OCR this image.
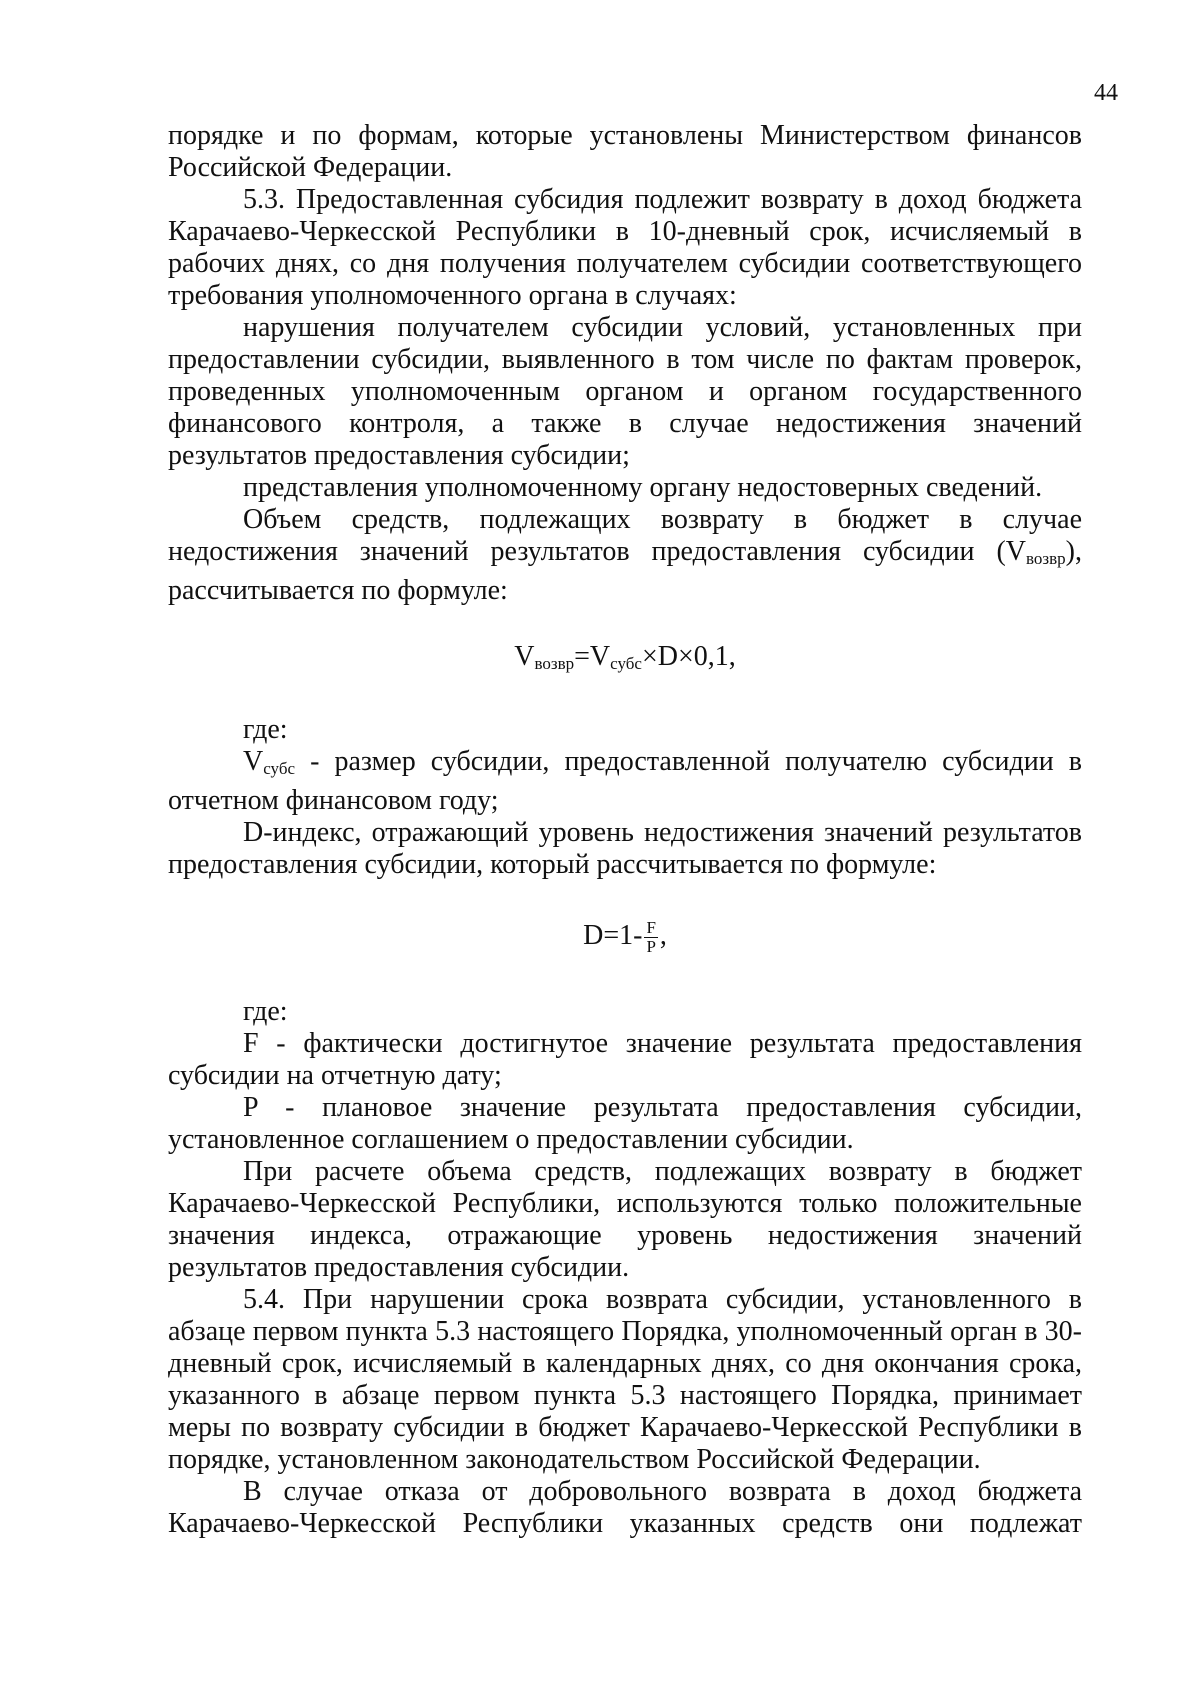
44

порядке и по формам, которые установлены Министерством финансов Российской Федерации.

5.3. Предоставленная субсидия подлежит возврату в доход бюджета Карачаево-Черкесской Республики в 10-дневный срок, исчисляемый в рабочих днях, со дня получения получателем субсидии соответствующего требования уполномоченного органа в случаях:

нарушения получателем субсидии условий, установленных при предоставлении субсидии, выявленного в том числе по фактам проверок, проведенных уполномоченным органом и органом государственного финансового контроля, а также в случае недостижения значений результатов предоставления субсидии;

представления уполномоченному органу недостоверных сведений.

Объем средств, подлежащих возврату в бюджет в случае недостижения значений результатов предоставления субсидии $(V_{возвр})$, рассчитывается по формуле:

$V_{возвр}=V_{субс}\times D\times 0,1$,

где:

$V_{субс}$ - размер субсидии, предоставленной получателю субсидии в отчетном финансовом году;

D-индекс, отражающий уровень недостижения значений результатов предоставления субсидии, который рассчитывается по формуле:

$D=1- \frac{F}{P}$ ,

где:

F - фактически достигнутое значение результата предоставления субсидии на отчетную дату;

P - плановое значение результата предоставления субсидии, установленное соглашением о предоставлении субсидии.

При расчете объема средств, подлежащих возврату в бюджет Карачаево-Черкесской Республики, используются только положительные значения индекса, отражающие уровень недостижения значений результатов предоставления субсидии.

5.4. При нарушении срока возврата субсидии, установленного в абзаце первом пункта 5.3 настоящего Порядка, уполномоченный орган в 30-дневный срок, исчисляемый в календарных днях, со дня окончания срока, указанного в абзаце первом пункта 5.3 настоящего Порядка, принимает меры по возврату субсидии в бюджет Карачаево-Черкесской Республики в порядке, установленном законодательством Российской Федерации.

В случае отказа от добровольного возврата в доход бюджета Карачаево-Черкесской Республики указанных средств они подлежат
